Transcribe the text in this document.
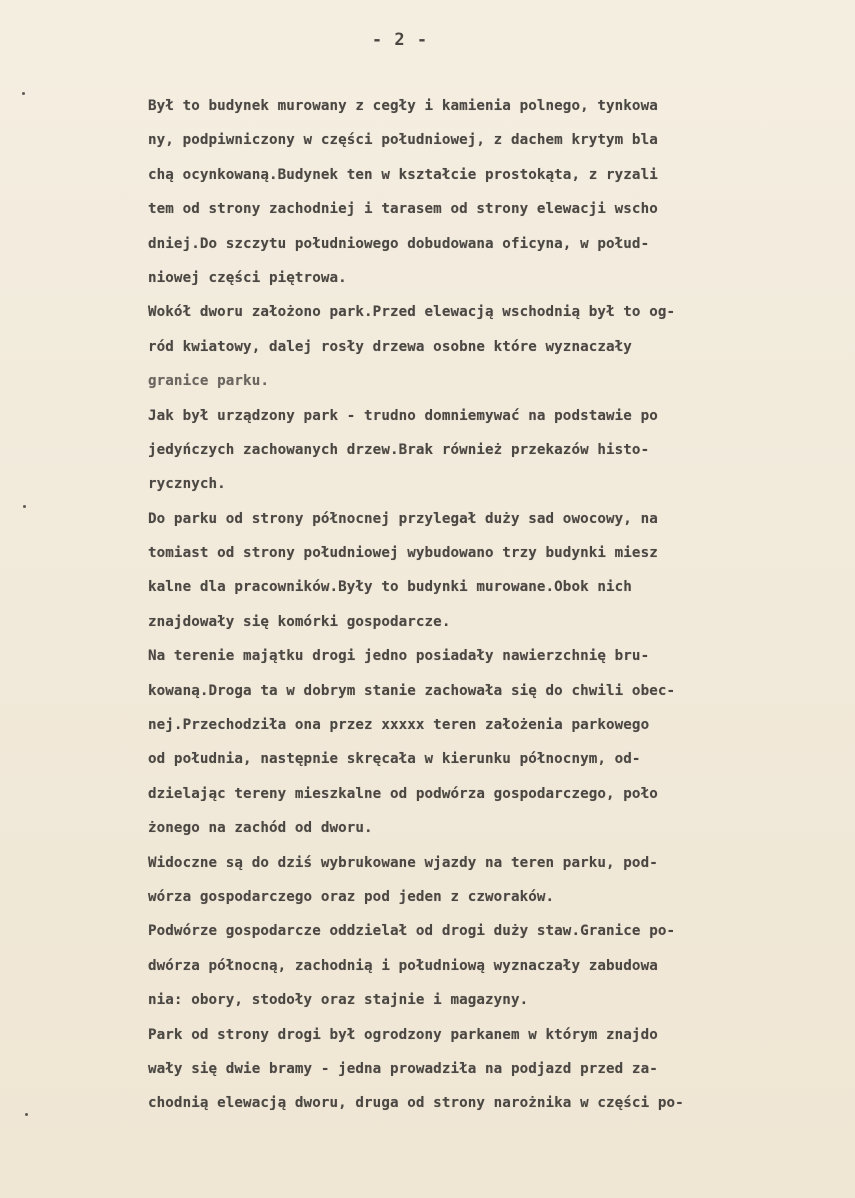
- 2 -
Był to budynek murowany z cegły i kamienia polnego, tynkowa
ny, podpiwniczony w części południowej, z dachem krytym bla
chą ocynkowaną.Budynek ten w kształcie prostokąta, z ryzali
tem od strony zachodniej i tarasem od strony elewacji wscho
dniej.Do szczytu południowego dobudowana oficyna, w połud-
niowej części piętrowa.
Wokół dworu założono park.Przed elewacją wschodnią był to og-
ród kwiatowy, dalej rosły drzewa osobne które wyznaczały
granice parku.
Jak był urządzony park - trudno domniemywać na podstawie po
jedyńczych zachowanych drzew.Brak również przekazów histo-
rycznych.
Do parku od strony północnej przylegał duży sad owocowy, na
tomiast od strony południowej wybudowano trzy budynki miesz
kalne dla pracowników.Były to budynki murowane.Obok nich
znajdowały się komórki gospodarcze.
Na terenie majątku drogi jedno posiadały nawierzchnię bru-
kowaną.Droga ta w dobrym stanie zachowała się do chwili obec-
nej.Przechodziła ona przez xxxxx teren założenia parkowego
od południa, następnie skręcała w kierunku północnym, od-
dzielając tereny mieszkalne od podwórza gospodarczego, poło
żonego na zachód od dworu.
Widoczne są do dziś wybrukowane wjazdy na teren parku, pod-
wórza gospodarczego oraz pod jeden z czworaków.
Podwórze gospodarcze oddzielał od drogi duży staw.Granice po-
dwórza północną, zachodnią i południową wyznaczały zabudowa
nia: obory, stodoły oraz stajnie i magazyny.
Park od strony drogi był ogrodzony parkanem w którym znajdo
wały się dwie bramy - jedna prowadziła na podjazd przed za-
chodnią elewacją dworu, druga od strony narożnika w części po-
